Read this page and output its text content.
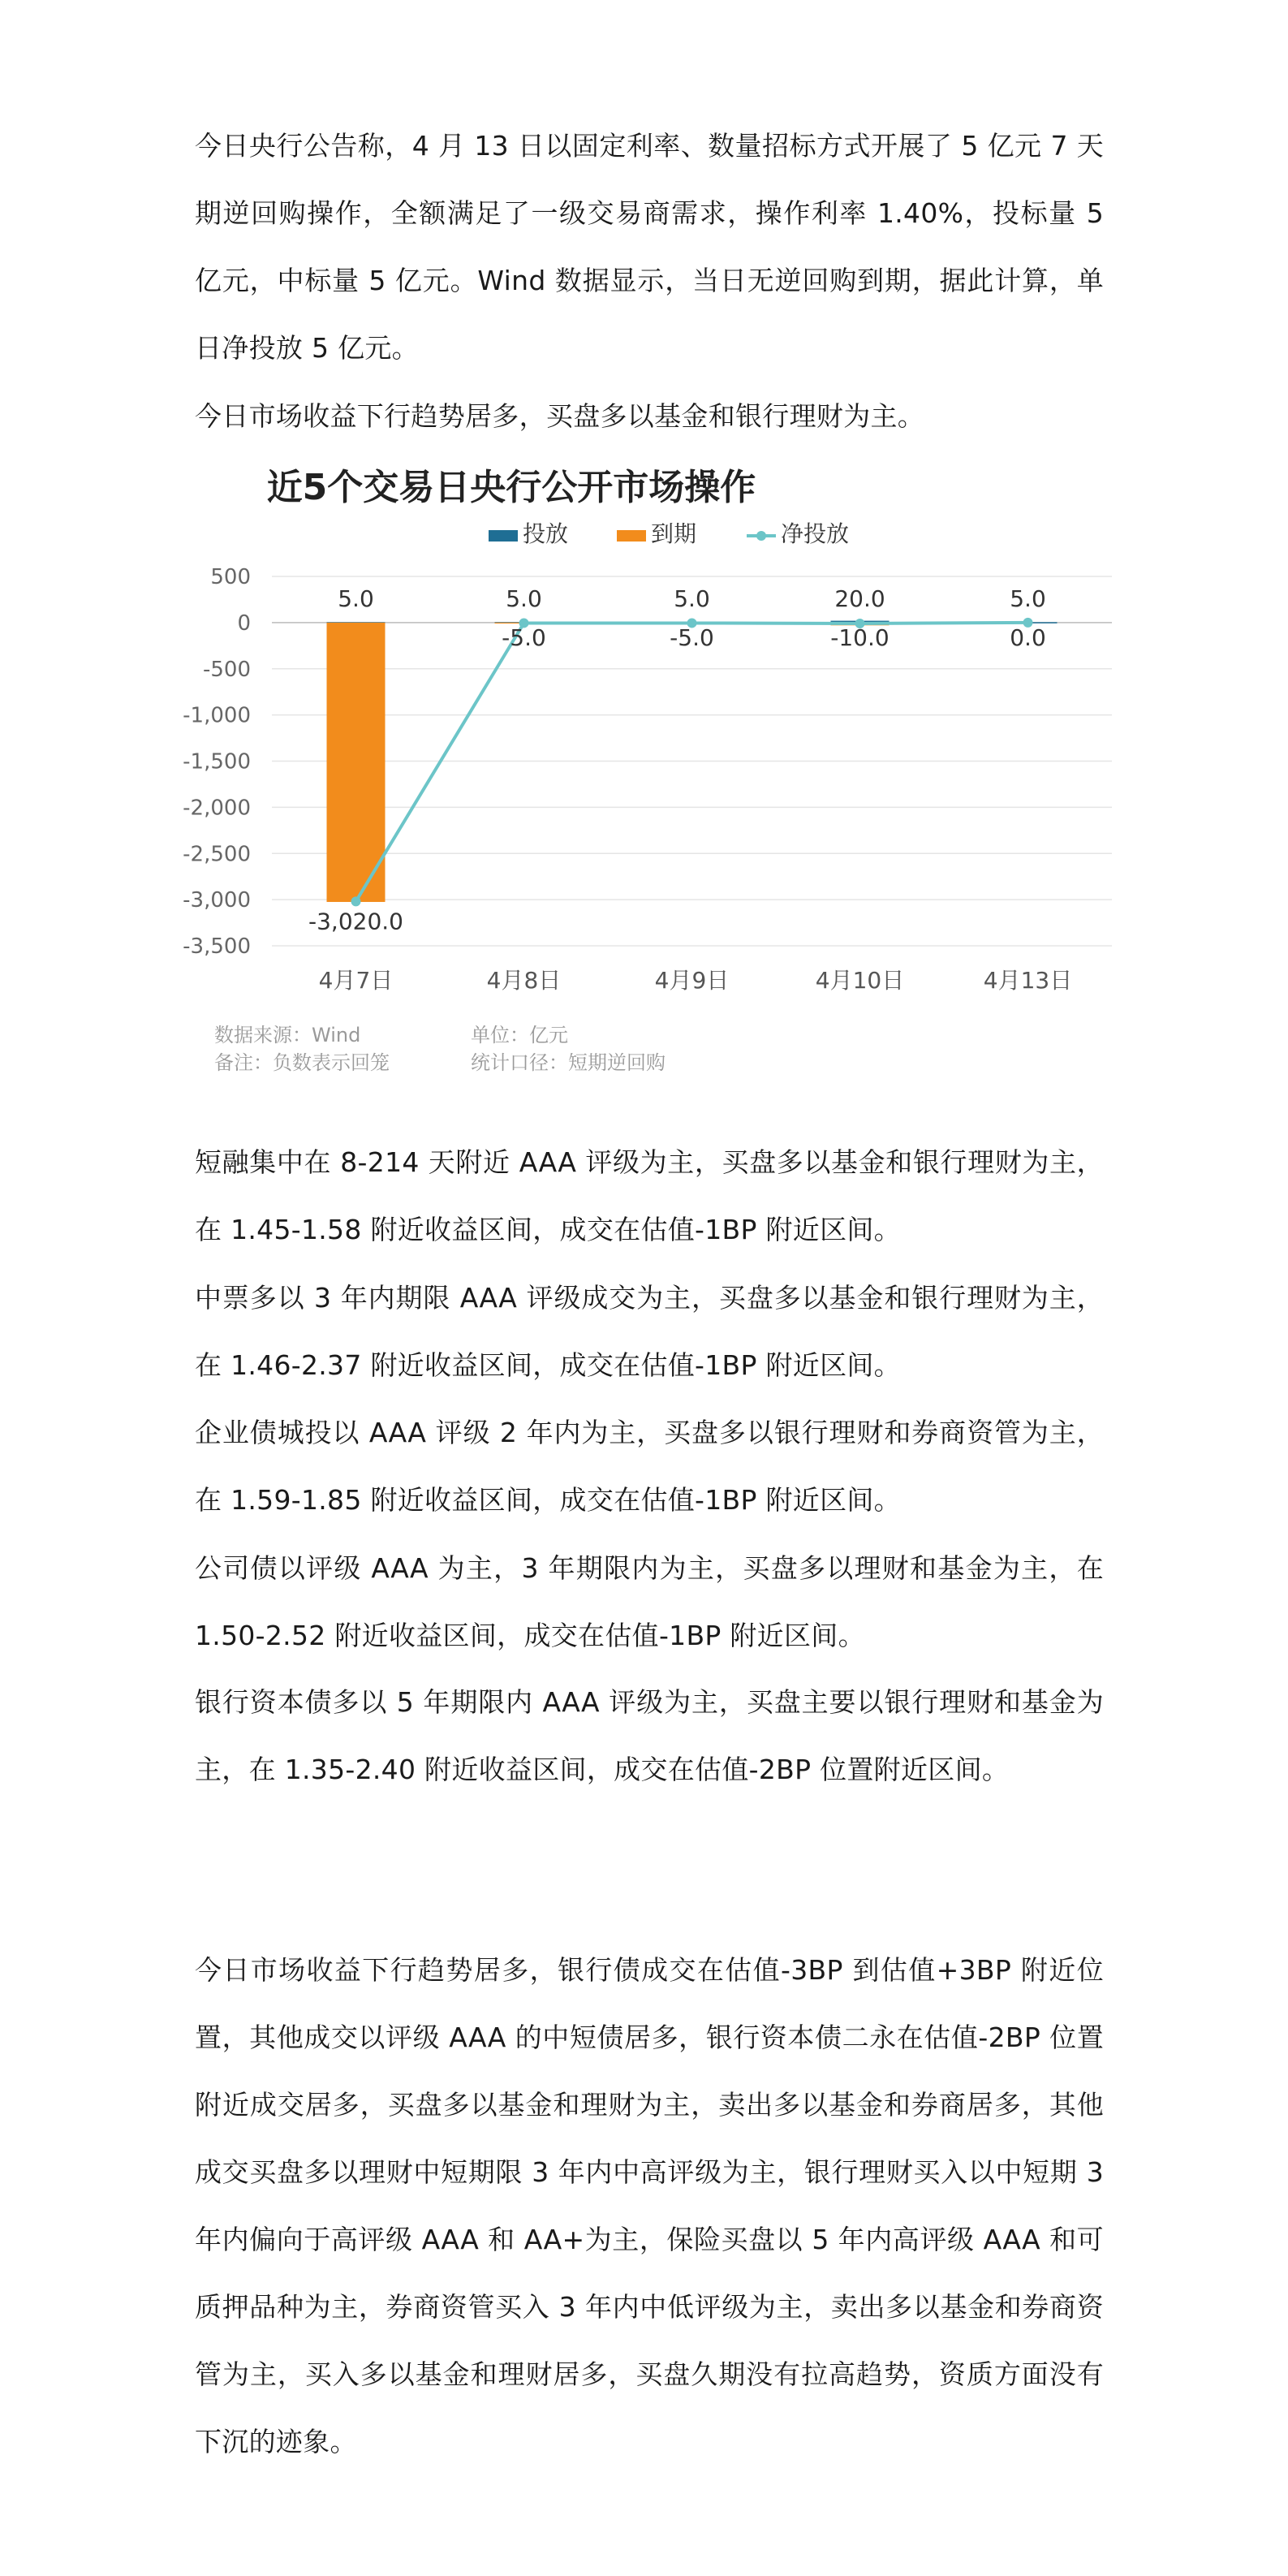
今日央行公告称，4 月 13 日以固定利率、数量招标方式开展了 5 亿元 7 天期逆回购操作，全额满足了一级交易商需求，操作利率 1.40%，投标量 5 亿元，中标量 5 亿元。Wind 数据显示，当日无逆回购到期，据此计算，单日净投放 5 亿元。

今日市场收益下行趋势居多，买盘多以基金和银行理财为主。

短融集中在 8-214 天附近 AAA 评级为主，买盘多以基金和银行理财为主，在 1.45-1.58 附近收益区间，成交在估值-1BP 附近区间。

中票多以 3 年内期限 AAA 评级成交为主，买盘多以基金和银行理财为主，在 1.46-2.37 附近收益区间，成交在估值-1BP 附近区间。

企业债城投以 AAA 评级 2 年内为主，买盘多以银行理财和券商资管为主，在 1.59-1.85 附近收益区间，成交在估值-1BP 附近区间。

公司债以评级 AAA 为主，3 年期限内为主，买盘多以理财和基金为主，在 1.50-2.52 附近收益区间，成交在估值-1BP 附近区间。

银行资本债多以 5 年期限内 AAA 评级为主，买盘主要以银行理财和基金为主，在 1.35-2.40 附近收益区间，成交在估值-2BP 位置附近区间。

今日市场收益下行趋势居多，银行债成交在估值-3BP 到估值+3BP 附近位置，其他成交以评级 AAA 的中短债居多，银行资本债二永在估值-2BP 位置附近成交居多，买盘多以基金和理财为主，卖出多以基金和券商居多，其他成交买盘多以理财中短期限 3 年内中高评级为主，银行理财买入以中短期 3 年内偏向于高评级 AAA 和 AA+为主，保险买盘以 5 年内高评级 AAA 和可质押品种为主，券商资管买入 3 年内中低评级为主，卖出多以基金和券商资管为主，买入多以基金和理财居多，买盘久期没有拉高趋势，资质方面没有下沉的迹象。

近5个交易日央行公开市场操作
投放	到期	净投放
500
0
-500
-1,000
-1,500
-2,000
-2,500
-3,000
-3,500
5.0	5.0	5.0	20.0	5.0
-3,020.0
-5.0	-5.0	-10.0	0.0
4月7日	4月8日	4月9日	4月10日	4月13日
数据来源：Wind	单位：亿元
备注：负数表示回笼	统计口径：短期逆回购
